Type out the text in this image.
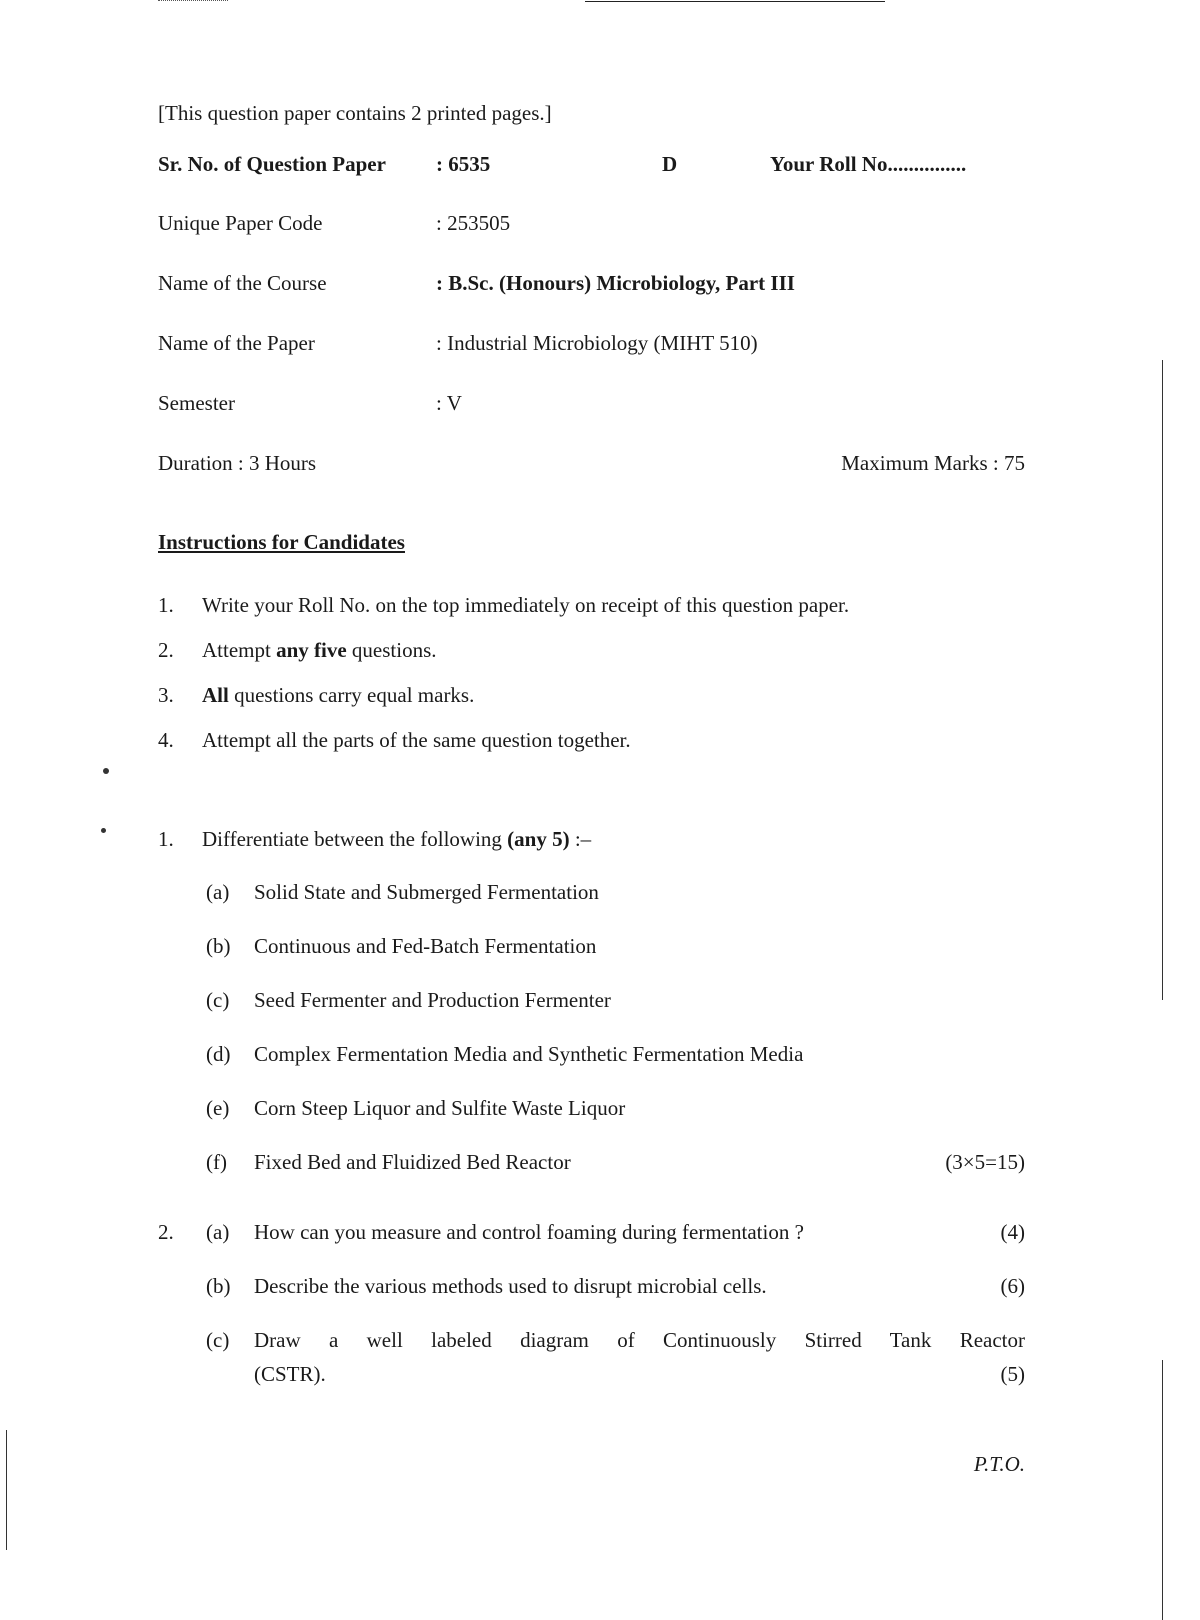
[This question paper contains 2 printed pages.]
Sr. No. of Question Paper : 6535	D	Your Roll No...............
Unique Paper Code	: 253505
Name of the Course	: B.Sc. (Honours) Microbiology, Part III
Name of the Paper	: Industrial Microbiology (MIHT 510)
Semester	: V
Duration : 3 Hours	Maximum Marks : 75
Instructions for Candidates
1. Write your Roll No. on the top immediately on receipt of this question paper.
2. Attempt any five questions.
3. All questions carry equal marks.
4. Attempt all the parts of the same question together.
1. Differentiate between the following (any 5) :–
(a) Solid State and Submerged Fermentation
(b) Continuous and Fed-Batch Fermentation
(c) Seed Fermenter and Production Fermenter
(d) Complex Fermentation Media and Synthetic Fermentation Media
(e) Corn Steep Liquor and Sulfite Waste Liquor
(f) Fixed Bed and Fluidized Bed Reactor	(3×5=15)
2. (a) How can you measure and control foaming during fermentation ?	(4)
(b) Describe the various methods used to disrupt microbial cells.	(6)
(c) Draw a well labeled diagram of Continuously Stirred Tank Reactor
(CSTR).	(5)
P.T.O.
